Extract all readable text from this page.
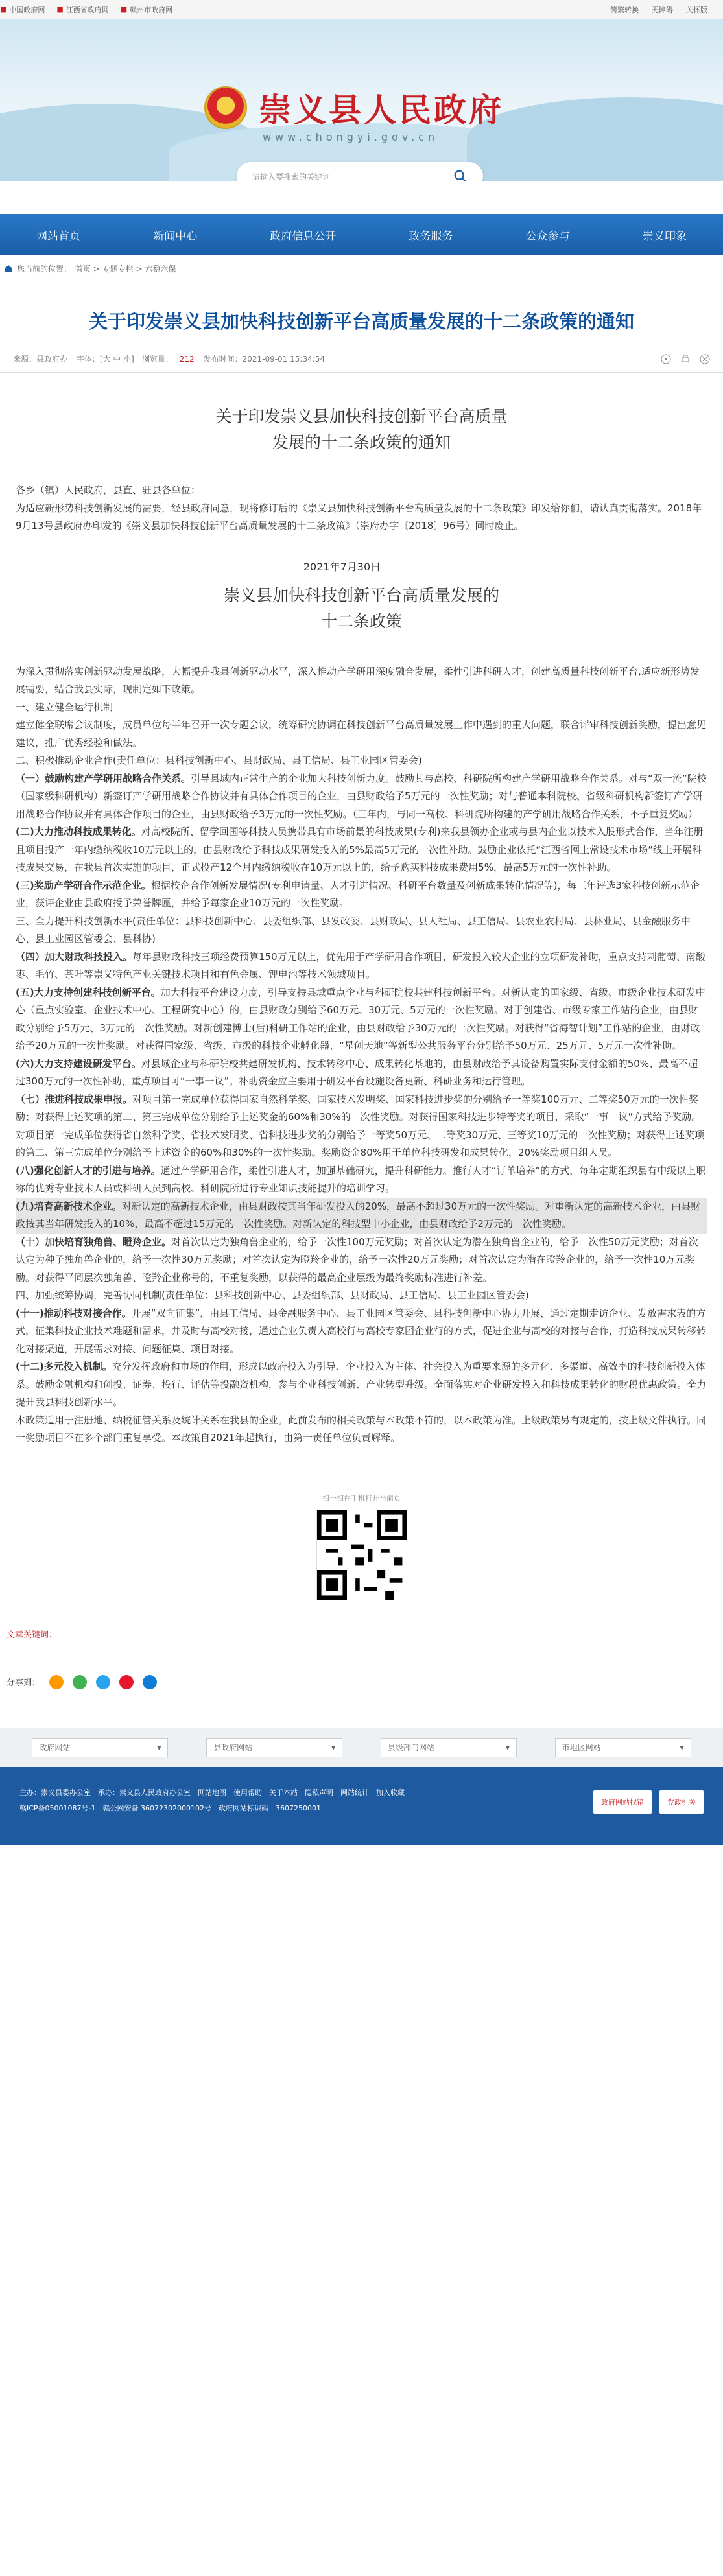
■ 中国政府网 ■ 江西省政府网 ■ 赣州市政府网	简繁转换 无障碍 关怀版
崇义县人民政府
www.chongyi.gov.cn
请输入要搜索的关键词
网站首页	新闻中心	政府信息公开	政务服务	公众参与	崇义印象
您当前的位置： 首页 > 专题专栏 > 六稳六保
关于印发崇义县加快科技创新平台高质量发展的十二条政策的通知
来源：县政府办 字体：[大 中 小]　浏览量： 212 发布时间：2021-09-01 15:34:54
关于印发崇义县加快科技创新平台高质量
发展的十二条政策的通知

各乡（镇）人民政府，县直、驻县各单位：

为适应新形势科技创新发展的需要，经县政府同意，现将修订后的《崇义县加快科技创新平台高质量发展的十二条政策》印发给你们，请认真贯彻落实。2018年9月13号县政府办印发的《崇义县加快科技创新平台高质量发展的十二条政策》（崇府办字〔2018〕96号）同时废止。

2021年7月30日
崇义县加快科技创新平台高质量发展的
十二条政策

为深入贯彻落实创新驱动发展战略，大幅提升我县创新驱动水平，深入推动产学研用深度融合发展，柔性引进科研人才，创建高质量科技创新平台,适应新形势发展需要，结合我县实际，现制定如下政策。

一、建立健全运行机制

建立健全联席会议制度，成员单位每半年召开一次专题会议，统筹研究协调在科技创新平台高质量发展工作中遇到的重大问题，联合评审科技创新奖励，提出意见建议，推广优秀经验和做法。

二、积极推动企业合作(责任单位：县科技创新中心、县财政局、县工信局、县工业园区管委会)

（一）鼓励构建产学研用战略合作关系。引导县域内正常生产的企业加大科技创新力度。鼓励其与高校、科研院所构建产学研用战略合作关系。对与“双一流”院校（国家级科研机构）新签订产学研用战略合作协议并有具体合作项目的企业，由县财政给予5万元的一次性奖励；对与普通本科院校、省级科研机构新签订产学研用战略合作协议并有具体合作项目的企业，由县财政给予3万元的一次性奖励。（三年内，与同一高校、科研院所构建的产学研用战略合作关系，不予重复奖励）

(二)大力推动科技成果转化。对高校院所、留学回国等科技人员携带具有市场前景的科技成果(专利)来我县领办企业或与县内企业以技术入股形式合作，当年注册且项目投产一年内缴纳税收10万元以上的，由县财政给予科技成果研发投入的5%最高5万元的一次性补助。鼓励企业依托“江西省网上常设技术市场”线上开展科技成果交易，在我县首次实施的项目，正式投产12个月内缴纳税收在10万元以上的，给予购买科技成果费用5%，最高5万元的一次性补助。

(三)奖励产学研合作示范企业。根据校企合作创新发展情况(专利申请量、人才引进情况、科研平台数量及创新成果转化情况等)，每三年评选3家科技创新示范企业，获评企业由县政府授予荣誉牌匾，并给予每家企业10万元的一次性奖励。

三、全力提升科技创新水平(责任单位：县科技创新中心、县委组织部、县发改委、县财政局、县人社局、县工信局、县农业农村局、县林业局、县金融服务中心、县工业园区管委会、县科协)

（四）加大财政科技投入。每年县财政科技三项经费预算150万元以上，优先用于产学研用合作项目，研发投入较大企业的立项研发补助，重点支持刺葡萄、南酸枣、毛竹、茶叶等崇义特色产业关键技术项目和有色金属、锂电池等技术领域项目。

(五)大力支持创建科技创新平台。加大科技平台建设力度，引导支持县域重点企业与科研院校共建科技创新平台。对新认定的国家级、省级、市级企业技术研发中心（重点实验室、企业技术中心、工程研究中心）的，由县财政分别给予60万元、30万元、5万元的一次性奖励。对于创建省、市级专家工作站的企业，由县财政分别给予5万元、3万元的一次性奖励。对新创建博士(后)科研工作站的企业，由县财政给予30万元的一次性奖励。对获得“省海智计划”工作站的企业，由财政给予20万元的一次性奖励。对获得国家级、省级、市级的科技企业孵化器、“星创天地”等新型公共服务平台分别给予50万元、25万元、5万元一次性补助。

(六)大力支持建设研发平台。对县域企业与科研院校共建研发机构、技术转移中心、成果转化基地的，由县财政给予其设备购置实际支付金额的50%、最高不超过300万元的一次性补助，重点项目可“一事一议”。补助资金应主要用于研发平台设施设备更新、科研业务和运行管理。

（七）推进科技成果申报。对项目第一完成单位获得国家自然科学奖、国家技术发明奖、国家科技进步奖的分别给予一等奖100万元、二等奖50万元的一次性奖励；对获得上述奖项的第二、第三完成单位分别给予上述奖金的60%和30%的一次性奖励。对获得国家科技进步特等奖的项目，采取“一事一议”方式给予奖励。对项目第一完成单位获得省自然科学奖、省技术发明奖、省科技进步奖的分别给予一等奖50万元、二等奖30万元、三等奖10万元的一次性奖励；对获得上述奖项的第二、第三完成单位分别给予上述资金的60%和30%的一次性奖励。奖励资金80%用于单位科技研发和成果转化，20%奖励项目组人员。

(八)强化创新人才的引进与培养。通过产学研用合作，柔性引进人才，加强基础研究，提升科研能力。推行人才“订单培养”的方式，每年定期组织县有中级以上职称的优秀专业技术人员或科研人员到高校、科研院所进行专业知识技能提升的培训学习。

(九)培育高新技术企业。对新认定的高新技术企业，由县财政按其当年研发投入的20%，最高不超过30万元的一次性奖励。对重新认定的高新技术企业，由县财政按其当年研发投入的10%，最高不超过15万元的一次性奖励。对新认定的科技型中小企业，由县财政给予2万元的一次性奖励。

（十）加快培育独角兽、瞪羚企业。对首次认定为独角兽企业的，给予一次性100万元奖励；对首次认定为潜在独角兽企业的，给予一次性50万元奖励；对首次认定为种子独角兽企业的，给予一次性30万元奖励；对首次认定为瞪羚企业的，给予一次性20万元奖励；对首次认定为潜在瞪羚企业的，给予一次性10万元奖励。对获得平同层次独角兽、瞪羚企业称号的，不重复奖励，以获得的最高企业层级为最终奖励标准进行补差。

四、加强统筹协调，完善协同机制(责任单位：县科技创新中心、县委组织部、县财政局、县工信局、县工业园区管委会)

(十一)推动科技对接合作。开展“双向征集”，由县工信局、县金融服务中心、县工业园区管委会、县科技创新中心协力开展，通过定期走访企业、发放需求表的方式，征集科技企业技术难题和需求，并及时与高校对接，通过企业负责人高校行与高校专家团企业行的方式，促进企业与高校的对接与合作，打造科技成果转移转化对接渠道，开展需求对接、问题征集、项目对接。

(十二)多元投入机制。充分发挥政府和市场的作用，形成以政府投入为引导、企业投入为主体、社会投入为重要来源的多元化、多渠道、高效率的科技创新投入体系。鼓励金融机构和创投、证券、投行、评估等投融资机构，参与企业科技创新、产业转型升级。全面落实对企业研发投入和科技成果转化的财税优惠政策。全力提升我县科技创新水平。

本政策适用于注册地、纳税征管关系及统计关系在我县的企业。此前发布的相关政策与本政策不符的，以本政策为准。上级政策另有规定的，按上级文件执行。同一奖励项目不在多个部门重复享受。本政策自2021年起执行，由第一责任单位负责解释。

扫一扫在手机打开当前页
文章关键词：
分享到：
政府网站	▾	县政府网站	▾	县级部门网站	▾	市地区网站	▾
主办：崇义县委办公室　承办：崇义县人民政府办公室　网站地图　使用帮助　关于本站　隐私声明　网站统计　加入收藏
赣ICP备05001087号-1　赣公网安备 36072302000102号　政府网站标识码：3607250001
政府网站找错	党政机关
